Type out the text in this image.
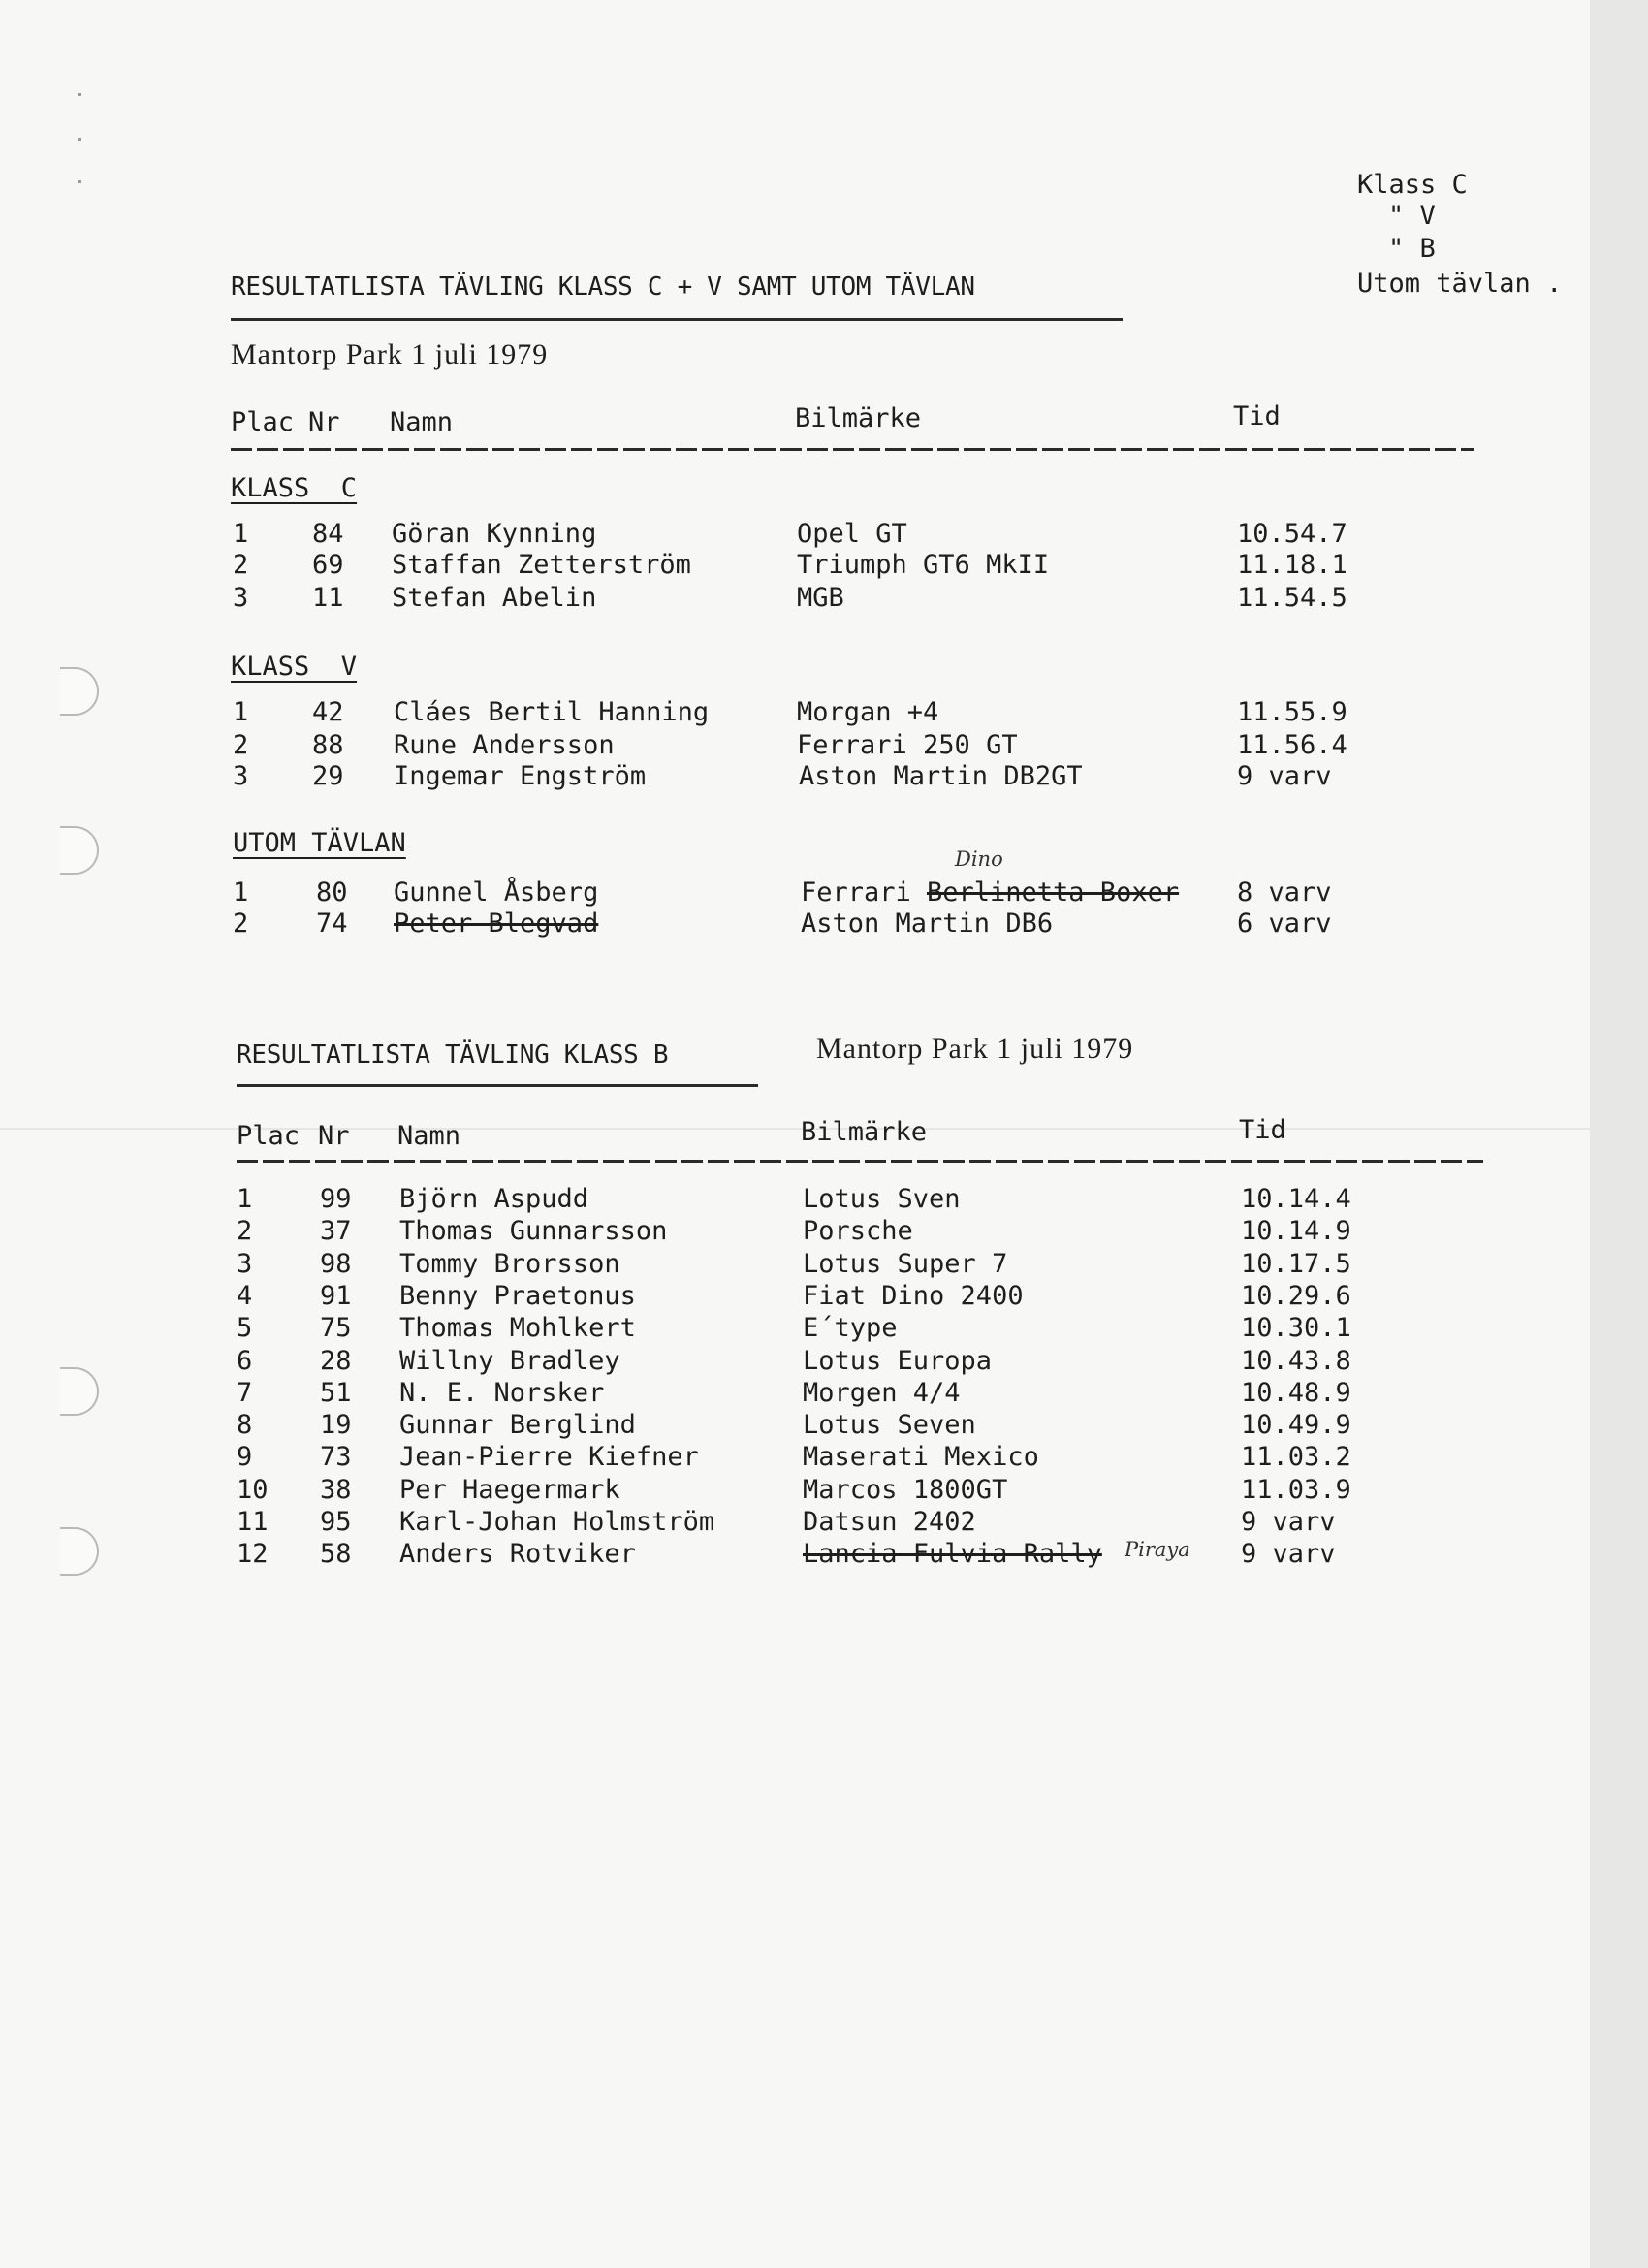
Klass C
" V
" B
Utom tävlan .
RESULTATLISTA TÄVLING KLASS C + V SAMT UTOM TÄVLAN
Mantorp Park 1 juli 1979
Plac Nr Namn	Bilmärke	Tid
KLASS  C
1 84 Göran Kynning	Opel GT	10.54.7
2 69 Staffan Zetterström	Triumph GT6 MkII	11.18.1
3 11 Stefan Abelin	MGB	11.54.5
KLASS  V
1 42 Cláes Bertil Hanning	Morgan +4	11.55.9
2 88 Rune Andersson	Ferrari 250 GT	11.56.4
3 29 Ingemar Engström	Aston Martin DB2GT	9 varv
UTOM TÄVLAN
Dino
1	80 Gunnel Åsberg	Ferrari Berlinetta Boxer 8 varv
2	74 Peter Blegvad	Aston Martin DB6	6 varv
RESULTATLISTA TÄVLING KLASS B	Mantorp Park 1 juli 1979
Plac Nr Namn	Bilmärke	Tid
1	99 Björn Aspudd	Lotus Sven	10.14.4
2	37 Thomas Gunnarsson	Porsche	10.14.9
3	98 Tommy Brorsson	Lotus Super 7	10.17.5
4	91 Benny Praetonus	Fiat Dino 2400	10.29.6
5	75 Thomas Mohlkert	E´type	10.30.1
6	28 Willny Bradley	Lotus Europa	10.43.8
7	51 N. E. Norsker	Morgen 4/4	10.48.9
8	19 Gunnar Berglind	Lotus Seven	10.49.9
9	73 Jean-Pierre Kiefner	Maserati Mexico	11.03.2
10 38 Per Haegermark	Marcos 1800GT	11.03.9
11 95 Karl-Johan Holmström	Datsun 2402	9 varv
12 58 Anders Rotviker	Lancia Fulvia Rally	9 varv
Piraya
